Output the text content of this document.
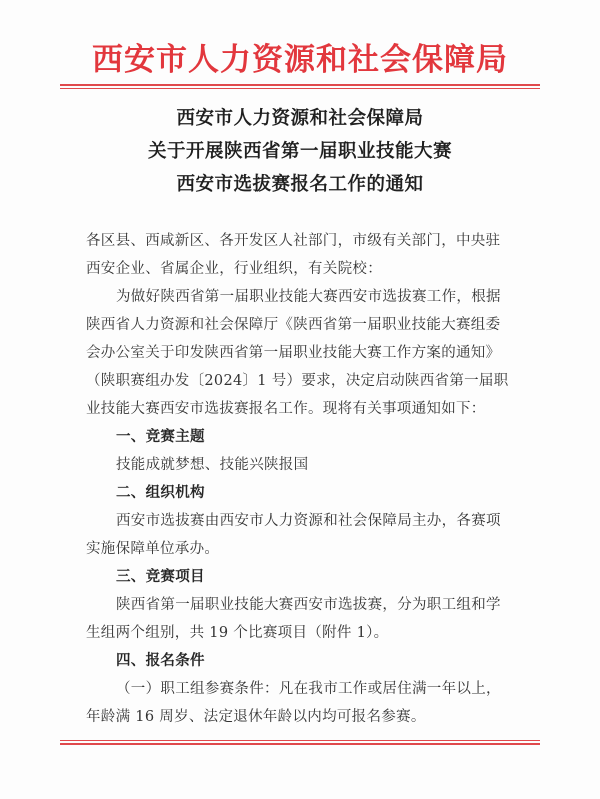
西安市人力资源和社会保障局
西安市人力资源和社会保障局
关于开展陕西省第一届职业技能大赛
西安市选拔赛报名工作的通知
各区县、西咸新区、各开发区人社部门，市级有关部门，中央驻
西安企业、省属企业，行业组织，有关院校：
为做好陕西省第一届职业技能大赛西安市选拔赛工作，根据
陕西省人力资源和社会保障厅《陕西省第一届职业技能大赛组委
会办公室关于印发陕西省第一届职业技能大赛工作方案的通知》
（陕职赛组办发〔2024〕1 号）要求，决定启动陕西省第一届职
业技能大赛西安市选拔赛报名工作。现将有关事项通知如下：
一、竞赛主题
技能成就梦想、技能兴陕报国
二、组织机构
西安市选拔赛由西安市人力资源和社会保障局主办，各赛项
实施保障单位承办。
三、竞赛项目
陕西省第一届职业技能大赛西安市选拔赛，分为职工组和学
生组两个组别，共 19 个比赛项目（附件 1）。
四、报名条件
（一）职工组参赛条件：凡在我市工作或居住满一年以上，
年龄满 16 周岁、法定退休年龄以内均可报名参赛。
